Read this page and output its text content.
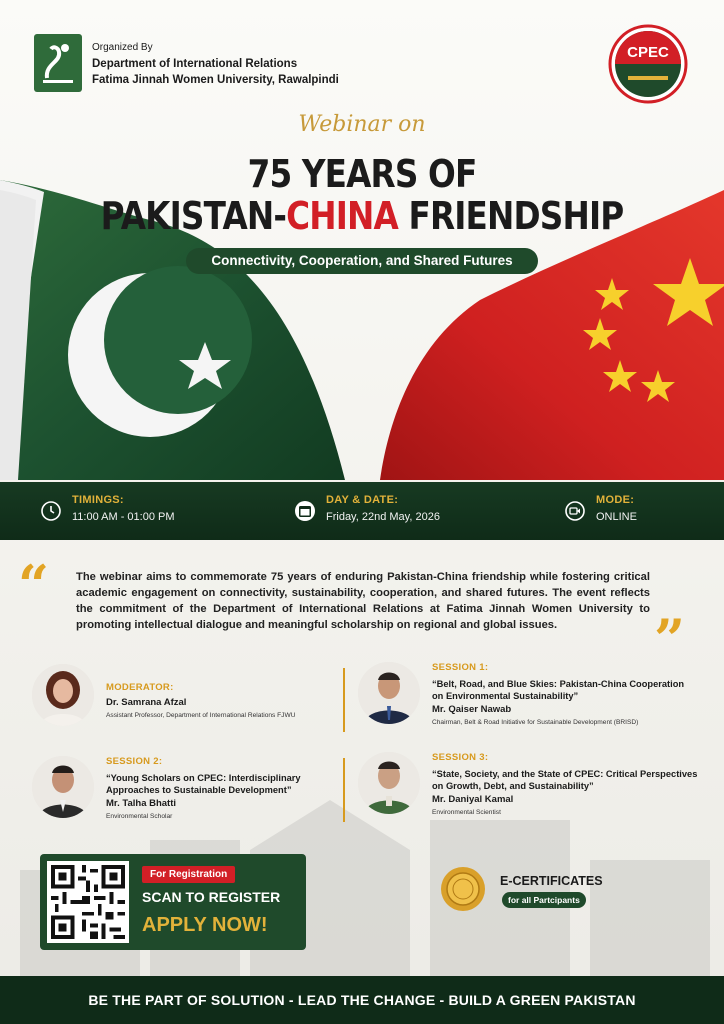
Organized By
Department of International Relations
Fatima Jinnah Women University, Rawalpindi
CPEC
Webinar on
75 YEARS OF
PAKISTAN-CHINA FRIENDSHIP
Connectivity, Cooperation, and Shared Futures
TIMINGS:
11:00 AM - 01:00 PM
DAY & DATE:
Friday, 22nd May, 2026
MODE:
ONLINE
“ The webinar aims to commemorate 75 years of enduring Pakistan-China friendship while fostering critical academic engagement on connectivity, sustainability, cooperation, and shared futures. The event reflects the commitment of the Department of International Relations at Fatima Jinnah Women University to promoting intellectual dialogue and meaningful scholarship on regional and global issues.	”
MODERATOR:
Dr. Samrana Afzal
Assistant Professor, Department of International Relations FJWU
SESSION 1:
“Belt, Road, and Blue Skies: Pakistan-China Cooperation on Environmental Sustainability”
Mr. Qaiser Nawab
Chairman, Belt & Road Initiative for Sustainable Development (BRISD)
SESSION 2:
“Young Scholars on CPEC: Interdisciplinary Approaches to Sustainable Development”
Mr. Talha Bhatti
Environmental Scholar
SESSION 3:
“State, Society, and the State of CPEC: Critical Perspectives on Growth, Debt, and Sustainability”
Mr. Daniyal Kamal
Environmental Scientist
For Registration
SCAN TO REGISTER
APPLY NOW!
E-CERTIFICATES
for all Partcipants
BE THE PART OF SOLUTION - LEAD THE CHANGE - BUILD A GREEN PAKISTAN
